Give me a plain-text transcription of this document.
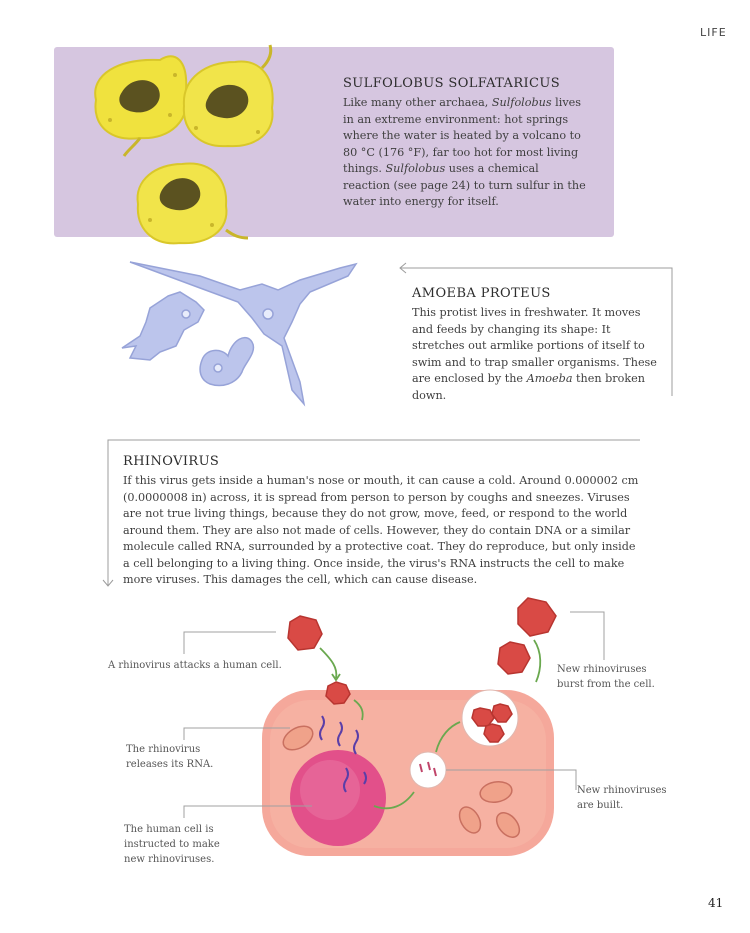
LIFE
41
SULFOLOBUS SOLFATARICUS

Like many other archaea, Sulfolobus lives in an extreme environment: hot springs where the water is heated by a volcano to 80 °C (176 °F), far too hot for most living things. Sulfolobus uses a chemical reaction (see page 24) to turn sulfur in the water into energy for itself.

AMOEBA PROTEUS

This protist lives in freshwater. It moves and feeds by changing its shape: It stretches out armlike portions of itself to swim and to trap smaller organisms. These are enclosed by the Amoeba then broken down.

RHINOVIRUS

If this virus gets inside a human's nose or mouth, it can cause a cold. Around 0.000002 cm (0.0000008 in) across, it is spread from person to person by coughs and sneezes. Viruses are not true living things, because they do not grow, move, feed, or respond to the world around them. They are also not made of cells. However, they do contain DNA or a similar molecule called RNA, surrounded by a protective coat. They do reproduce, but only inside a cell belonging to a living thing. Once inside, the virus's RNA instructs the cell to make more viruses. This damages the cell, which can cause disease.

A rhinovirus attacks a human cell.
The rhinovirus
releases its RNA.
The human cell is
instructed to make
new rhinoviruses.
New rhinoviruses
burst from the cell.
New rhinoviruses
are built.
